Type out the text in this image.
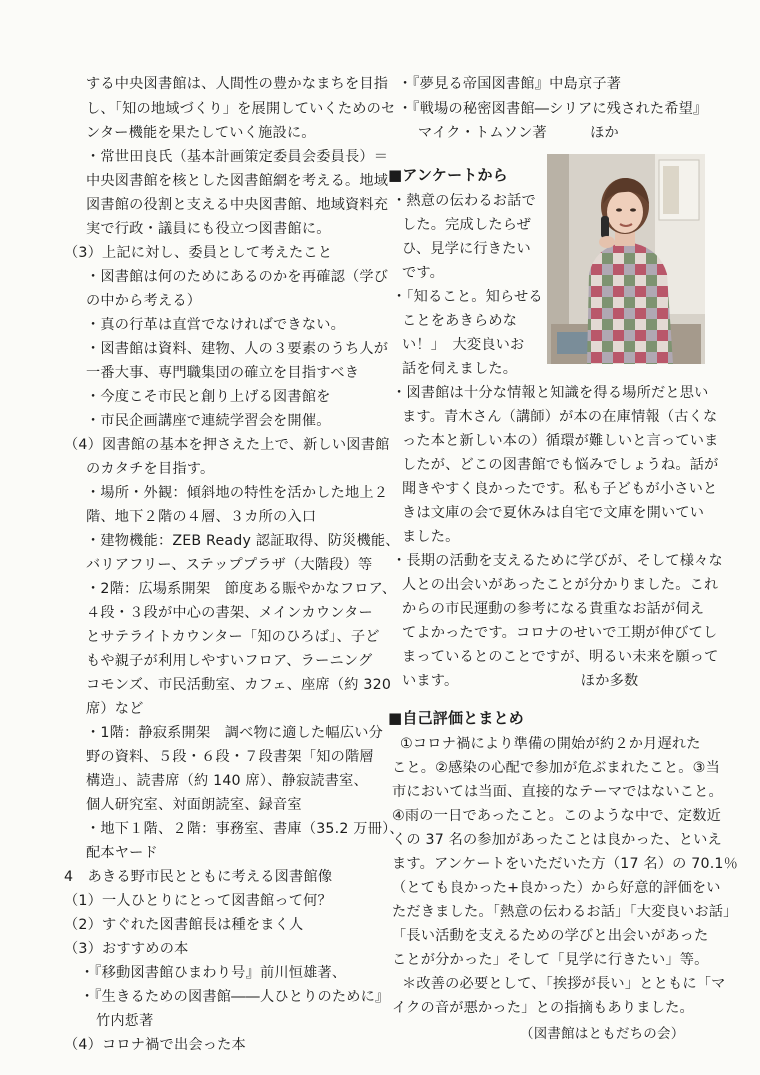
する中央図書館は、人間性の豊かなまちを目指
し、「知の地域づくり」を展開していくためのセ
ンター機能を果たしていく施設に。
・常世田良氏（基本計画策定委員会委員長）＝
中央図書館を核とした図書館網を考える。地域
図書館の役割と支える中央図書館、地域資料充
実で行政・議員にも役立つ図書館に。
（3）上記に対し、委員として考えたこと
・図書館は何のためにあるのかを再確認（学び
の中から考える）
・真の行革は直営でなければできない。
・図書館は資料、建物、人の３要素のうち人が
一番大事、専門職集団の確立を目指すべき
・今度こそ市民と創り上げる図書館を
・市民企画講座で連続学習会を開催。
（4）図書館の基本を押さえた上で、新しい図書館
のカタチを目指す。
・場所・外観：傾斜地の特性を活かした地上２
階、地下２階の４層、３カ所の入口
・建物機能：ZEB Ready 認証取得、防災機能、
バリアフリー、ステッププラザ（大階段）等
・2階：広場系開架　節度ある賑やかなフロア、
４段・３段が中心の書架、メインカウンター
とサテライトカウンター「知のひろば」、子ど
もや親子が利用しやすいフロア、ラーニング
コモンズ、市民活動室、カフェ、座席（約 320
席）など
・1階：静寂系開架　調べ物に適した幅広い分
野の資料、５段・６段・７段書架「知の階層
構造」、読書席（約 140 席）、静寂読書室、
個人研究室、対面朗読室、録音室
・地下１階、２階：事務室、書庫（35.2 万冊）、
配本ヤード
4　あきる野市民とともに考える図書館像
（1）一人ひとりにとって図書館って何？
（2）すぐれた図書館長は種をまく人
（3）おすすめの本
・『移動図書館ひまわり号』前川恒雄著、
・『生きるための図書館――人ひとりのために』
竹内悊著
（4）コロナ禍で出会った本
・『夢見る帝国図書館』中島京子著
・『戦場の秘密図書館―シリアに残された希望』
マイク・トムソン著　　　ほか
■アンケートから
・熱意の伝わるお話で
した。完成したらぜ
ひ、見学に行きたい
です。
・「知ること。知らせる
ことをあきらめな
い！」　大変良いお
話を伺えました。
・図書館は十分な情報と知識を得る場所だと思い
ます。青木さん（講師）が本の在庫情報（古くな
った本と新しい本の）循環が難しいと言っていま
したが、どこの図書館でも悩みでしょうね。話が
聞きやすく良かったです。私も子どもが小さいと
きは文庫の会で夏休みは自宅で文庫を開いてい
ました。
・長期の活動を支えるために学びが、そして様々な
人との出会いがあったことが分かりました。これ
からの市民運動の参考になる貴重なお話が伺え
てよかったです。コロナのせいで工期が伸びてし
まっているとのことですが、明るい未来を願って
います。　　　　　　　　　ほか多数
■自己評価とまとめ
①コロナ禍により準備の開始が約２か月遅れた
こと。②感染の心配で参加が危ぶまれたこと。③当
市においては当面、直接的なテーマではないこと。
④雨の一日であったこと。このような中で、定数近
くの 37 名の参加があったことは良かった、といえ
ます。アンケートをいただいた方（17 名）の 70.1％
（とても良かった+良かった）から好意的評価をい
ただきました。「熱意の伝わるお話」「大変良いお話」
「長い活動を支えるための学びと出会いがあった
ことが分かった」そして「見学に行きたい」等。
＊改善の必要として、「挨拶が長い」とともに「マ
イクの音が悪かった」との指摘もありました。
（図書館はともだちの会）
